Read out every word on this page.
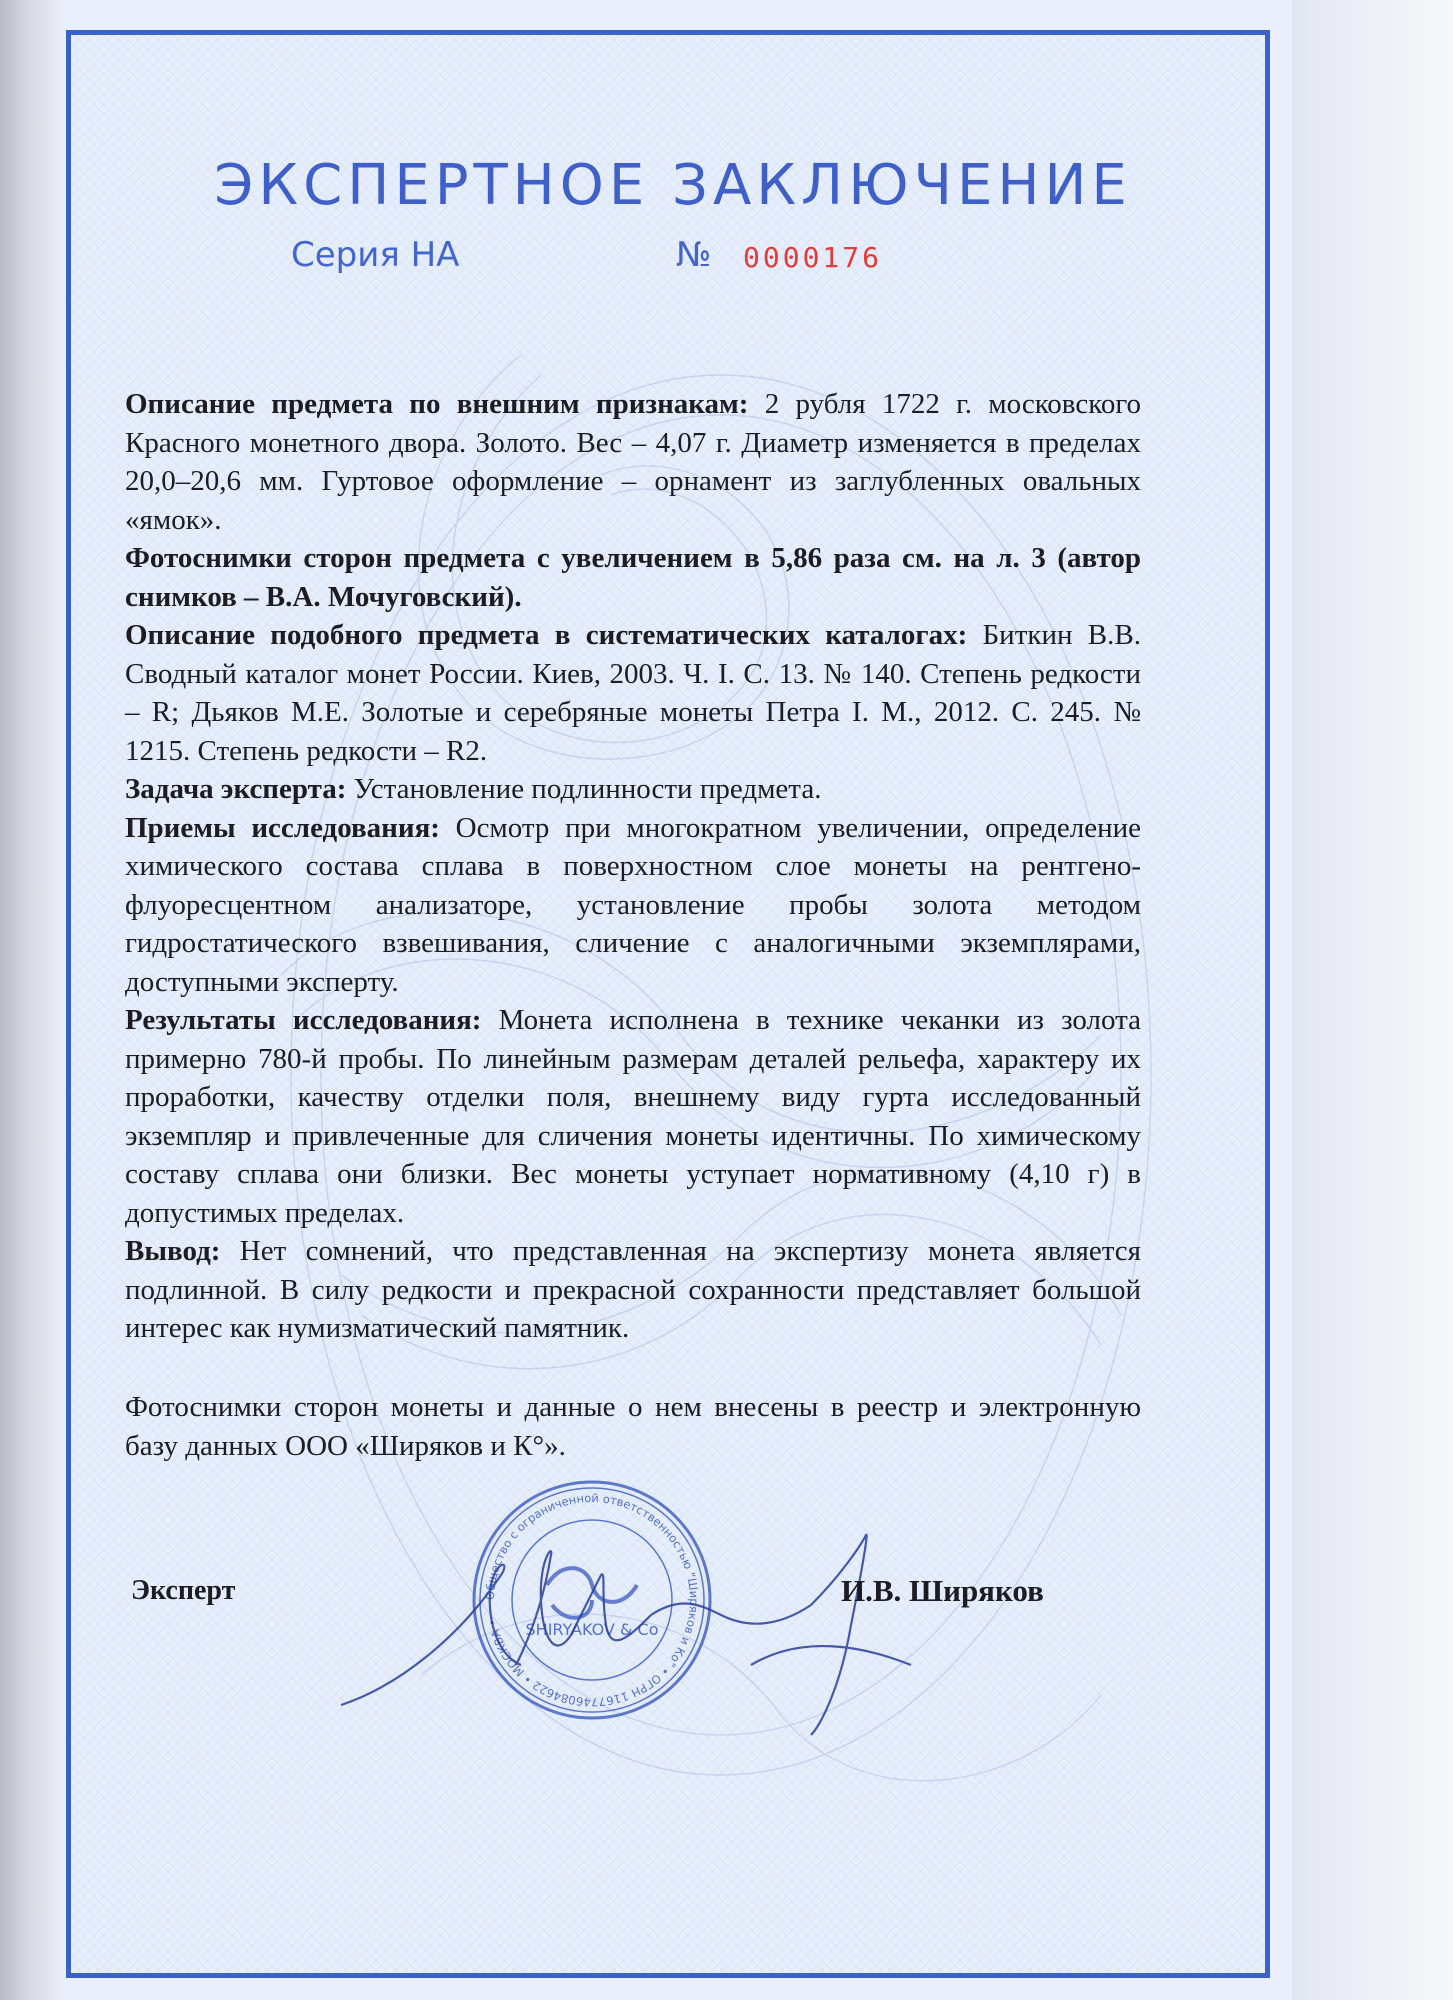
ЭКСПЕРТНОЕ ЗАКЛЮЧЕНИЕ
Серия НА	№ 0000176

Описание предмета по внешним признакам: 2 рубля 1722 г. московского Красного монетного двора. Золото. Вес – 4,07 г. Диаметр изменяется в пределах 20,0–20,6 мм. Гуртовое оформление – орнамент из заглубленных овальных «ямок».

Фотоснимки сторон предмета с увеличением в 5,86 раза см. на л. 3 (автор снимков – В.А. Мочуговский).

Описание подобного предмета в систематических каталогах: Биткин В.В. Сводный каталог монет России. Киев, 2003. Ч. I. С. 13. № 140. Степень редкости – R; Дьяков М.Е. Золотые и серебряные монеты Петра I. М., 2012. С. 245. № 1215. Степень редкости – R2.

Задача эксперта: Установление подлинности предмета.

Приемы исследования: Осмотр при многократном увеличении, определение химического состава сплава в поверхностном слое монеты на рентгено-флуоресцентном анализаторе, установление пробы золота методом гидростатического взвешивания, сличение с аналогичными экземплярами, доступными эксперту.

Результаты исследования: Монета исполнена в технике чеканки из золота примерно 780-й пробы. По линейным размерам деталей рельефа, характеру их проработки, качеству отделки поля, внешнему виду гурта исследованный экземпляр и привлеченные для сличения монеты идентичны. По химическому составу сплава они близки. Вес монеты уступает нормативному (4,10 г) в допустимых пределах.

Вывод: Нет сомнений, что представленная на экспертизу монета является подлинной. В силу редкости и прекрасной сохранности представляет большой интерес как нумизматический памятник.

Фотоснимки сторон монеты и данные о нем внесены в реестр и электронную базу данных ООО «Ширяков и К°».

Эксперт	Общество с ограниченной ответственностью "Ширяков и Ко" • ОГРН 1167746084622 • МОСКВА •	SHIRYAKOV & Co
И.В. Ширяков
